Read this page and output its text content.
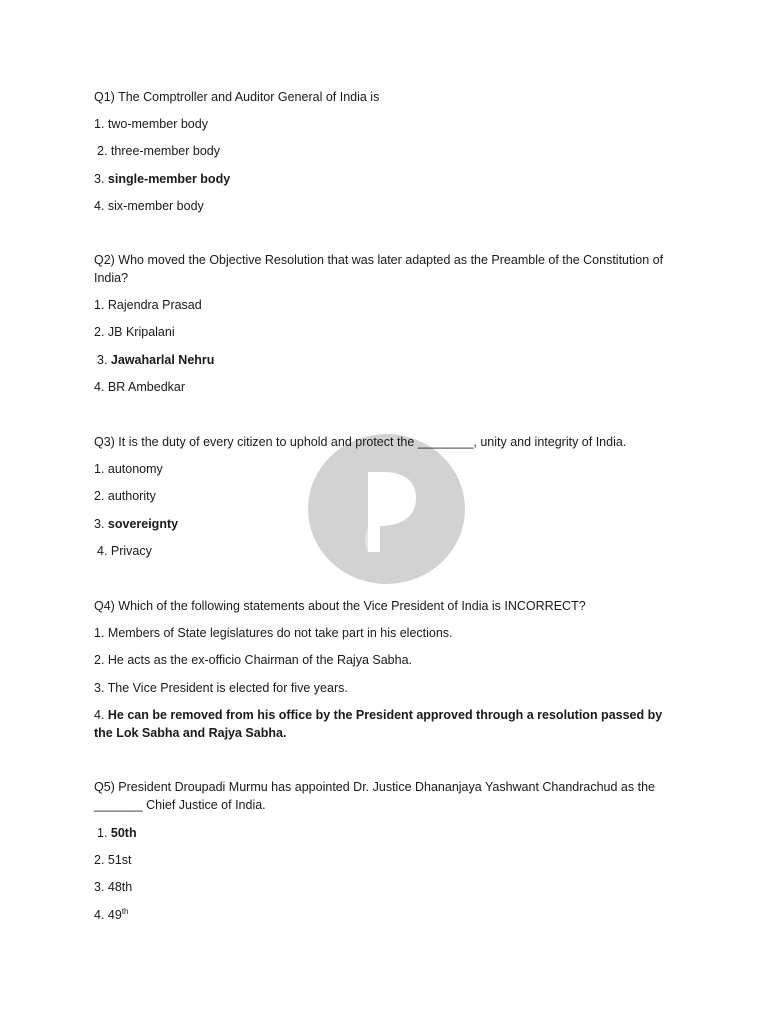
Q1) The Comptroller and Auditor General of India is
1. two-member body
2. three-member body
3. single-member body
4. six-member body
Q2) Who moved the Objective Resolution that was later adapted as the Preamble of the Constitution of India?
1. Rajendra Prasad
2. JB Kripalani
3. Jawaharlal Nehru
4. BR Ambedkar
Q3) It is the duty of every citizen to uphold and protect the ________, unity and integrity of India.
1. autonomy
2. authority
3. sovereignty
4. Privacy
Q4) Which of the following statements about the Vice President of India is INCORRECT?
1. Members of State legislatures do not take part in his elections.
2. He acts as the ex-officio Chairman of the Rajya Sabha.
3. The Vice President is elected for five years.
4. He can be removed from his office by the President approved through a resolution passed by the Lok Sabha and Rajya Sabha.
Q5) President Droupadi Murmu has appointed Dr. Justice Dhananjaya Yashwant Chandrachud as the _______ Chief Justice of India.
1. 50th
2. 51st
3. 48th
4. 49th
